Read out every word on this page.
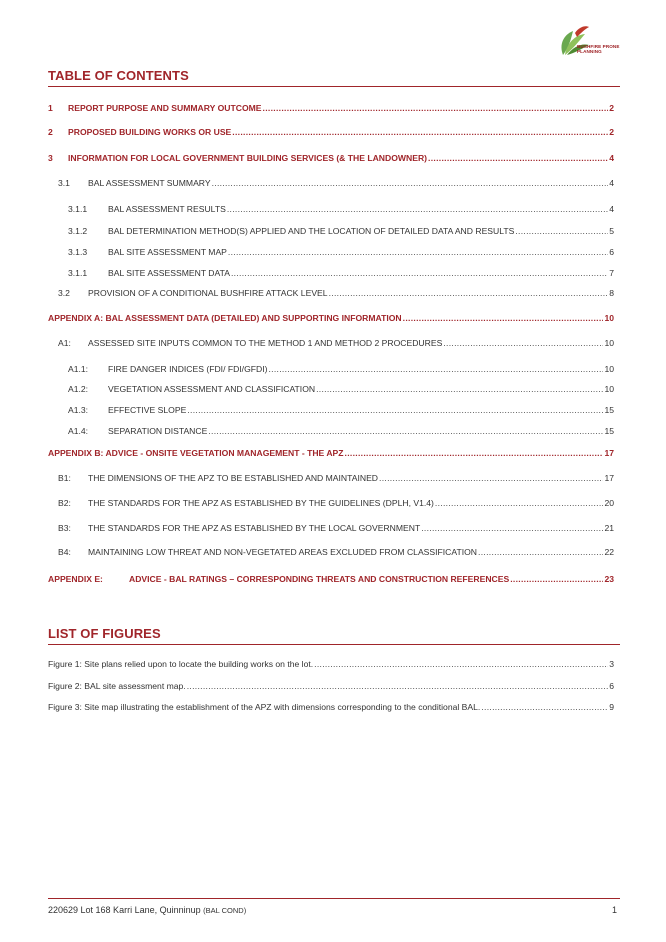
BUSHFIRE PRONE
PLANNING
TABLE OF CONTENTS
1	REPORT PURPOSE AND SUMMARY OUTCOME .....	2
2	PROPOSED BUILDING WORKS OR USE .....	2
3	INFORMATION FOR LOCAL GOVERNMENT BUILDING SERVICES (& THE LANDOWNER) .....	4
3.1	BAL ASSESSMENT SUMMARY .....	4
3.1.1	BAL ASSESSMENT RESULTS .....	4
3.1.2	BAL DETERMINATION METHOD(S) APPLIED AND THE LOCATION OF DETAILED DATA AND RESULTS .....	5
3.1.3	BAL SITE ASSESSMENT MAP .....	6
3.1.1	BAL SITE ASSESSMENT DATA .....	7
3.2	PROVISION OF A CONDITIONAL BUSHFIRE ATTACK LEVEL .....	8
APPENDIX A: BAL ASSESSMENT DATA (DETAILED) AND SUPPORTING INFORMATION .....	10
A1:	ASSESSED SITE INPUTS COMMON TO THE METHOD 1 AND METHOD 2 PROCEDURES .....	10
A1.1:	FIRE DANGER INDICES (FDI/ FDI/GFDI) .....	10
A1.2:	VEGETATION ASSESSMENT AND CLASSIFICATION .....	10
A1.3:	EFFECTIVE SLOPE .....	15
A1.4:	SEPARATION DISTANCE .....	15
APPENDIX B: ADVICE - ONSITE VEGETATION MANAGEMENT - THE APZ .....	17
B1:	THE DIMENSIONS OF THE APZ TO BE ESTABLISHED AND MAINTAINED .....	17
B2:	THE STANDARDS FOR THE APZ AS ESTABLISHED BY THE GUIDELINES (DPLH, V1.4) .....	20
B3:	THE STANDARDS FOR THE APZ AS ESTABLISHED BY THE LOCAL GOVERNMENT .....	21
B4:	MAINTAINING LOW THREAT AND NON-VEGETATED AREAS EXCLUDED FROM CLASSIFICATION .....	22
APPENDIX E:	ADVICE - BAL RATINGS – CORRESPONDING THREATS AND CONSTRUCTION REFERENCES .....	23
LIST OF FIGURES
Figure 1: Site plans relied upon to locate the building works on the lot. .....	3
Figure 2: BAL site assessment map. .....	6
Figure 3: Site map illustrating the establishment of the APZ with dimensions corresponding to the conditional BAL. .....	9
220629 Lot 168 Karri Lane, Quinninup (BAL COND)	1
